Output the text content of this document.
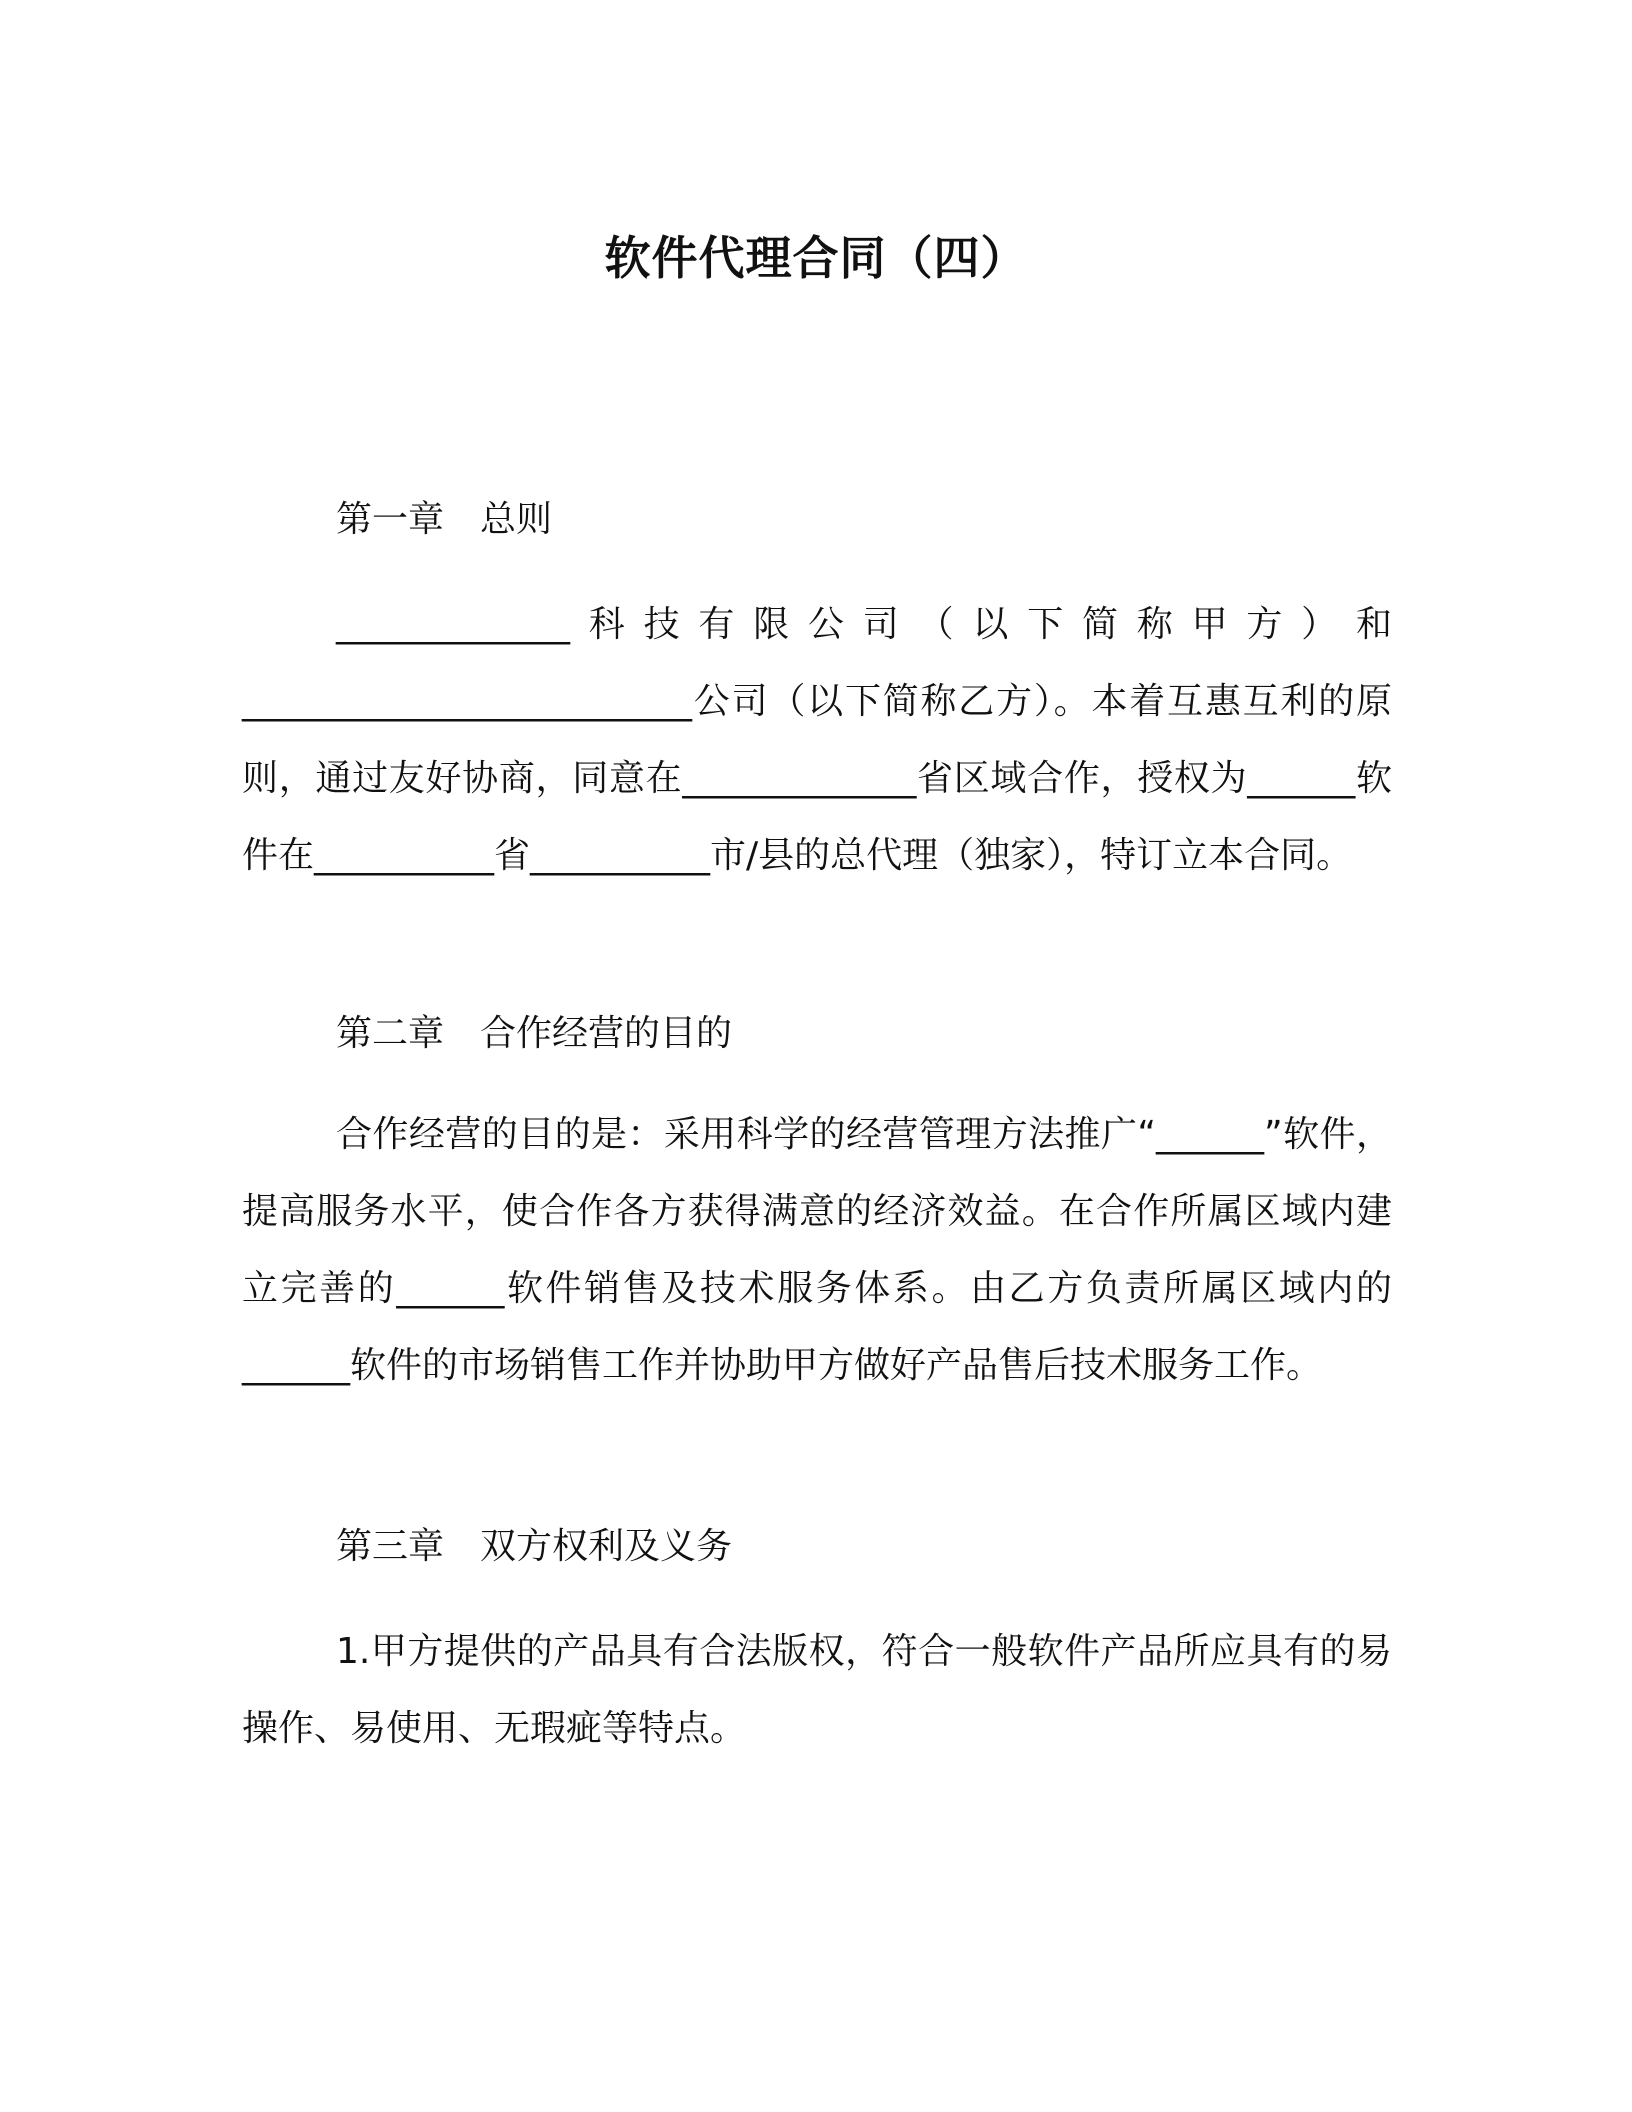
软件代理合同（四）
第一章　总则

_____________科技有限公司（以下简称甲方）和_________________________公司（以下简称乙方）。本着互惠互利的原则，通过友好协商，同意在_____________省区域合作，授权为______软件在__________省__________市/县的总代理（独家），特订立本合同。

第二章　合作经营的目的

合作经营的目的是：采用科学的经营管理方法推广“______”软件，提高服务水平，使合作各方获得满意的经济效益。在合作所属区域内建立完善的______软件销售及技术服务体系。由乙方负责所属区域内的______软件的市场销售工作并协助甲方做好产品售后技术服务工作。

第三章　双方权利及义务

1.甲方提供的产品具有合法版权，符合一般软件产品所应具有的易操作、易使用、无瑕疵等特点。
